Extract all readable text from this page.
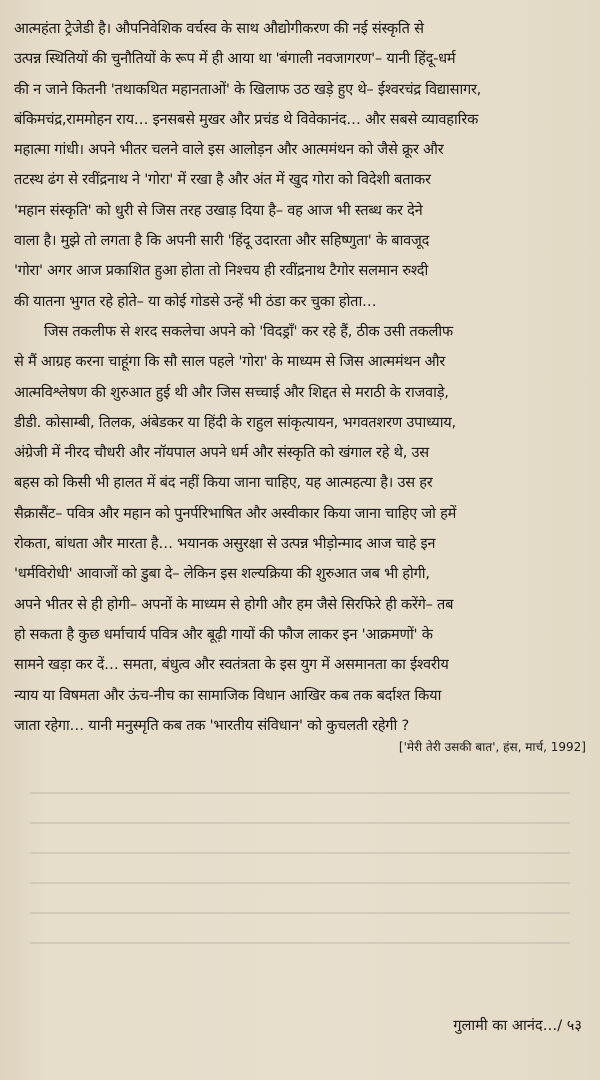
आत्महंता ट्रेजेडी है। औपनिवेशिक वर्चस्व के साथ औद्योगीकरण की नई संस्कृति से
उत्पन्न स्थितियों की चुनौतियों के रूप में ही आया था 'बंगाली नवजागरण'– यानी हिंदू-धर्म
की न जाने कितनी 'तथाकथित महानताओं' के खिलाफ उठ खड़े हुए थे– ईश्वरचंद्र विद्यासागर,
बंकिमचंद्र,राममोहन राय… इनसबसे मुखर और प्रचंड थे विवेकानंद… और सबसे व्यावहारिक
महात्मा गांधी। अपने भीतर चलने वाले इस आलोड़न और आत्ममंथन को जैसे क्रूर और
तटस्थ ढंग से रवींद्रनाथ ने 'गोरा' में रखा है और अंत में खुद गोरा को विदेशी बताकर
'महान संस्कृति' को धुरी से जिस तरह उखाड़ दिया है– वह आज भी स्तब्ध कर देने
वाला है। मुझे तो लगता है कि अपनी सारी 'हिंदू उदारता और सहिष्णुता' के बावजूद
'गोरा' अगर आज प्रकाशित हुआ होता तो निश्चय ही रवींद्रनाथ टैगोर सलमान रुश्दी
की यातना भुगत रहे होते– या कोई गोडसे उन्हें भी ठंडा कर चुका होता…
जिस तकलीफ से शरद सकलेचा अपने को 'विदड्रॉं' कर रहे हैं, ठीक उसी तकलीफ
से मैं आग्रह करना चाहूंगा कि सौ साल पहले 'गोरा' के माध्यम से जिस आत्ममंथन और
आत्मविश्लेषण की शुरुआत हुई थी और जिस सच्चाई और शिद्दत से मराठी के राजवाड़े,
डीडी. कोसाम्बी, तिलक, अंबेडकर या हिंदी के राहुल सांकृत्यायन, भगवतशरण उपाध्याय,
अंग्रेजी में नीरद चौधरी और नॉयपाल अपने धर्म और संस्कृति को खंगाल रहे थे, उस
बहस को किसी भी हालत में बंद नहीं किया जाना चाहिए, यह आत्महत्या है। उस हर
सैक्रासैंट– पवित्र और महान को पुनर्परिभाषित और अस्वीकार किया जाना चाहिए जो हमें
रोकता, बांधता और मारता है… भयानक असुरक्षा से उत्पन्न भीड़ोन्माद आज चाहे इन
'धर्मविरोधी' आवाजों को डुबा दे– लेकिन इस शल्यक्रिया की शुरुआत जब भी होगी,
अपने भीतर से ही होगी– अपनों के माध्यम से होगी और हम जैसे सिरफिरे ही करेंगे– तब
हो सकता है कुछ धर्माचार्य पवित्र और बूढ़ी गायों की फौज लाकर इन 'आक्रमणों' के
सामने खड़ा कर दें… समता, बंधुत्व और स्वतंत्रता के इस युग में असमानता का ईश्वरीय
न्याय या विषमता और ऊंच-नीच का सामाजिक विधान आखिर कब तक बर्दाश्त किया
जाता रहेगा… यानी मनुस्मृति कब तक 'भारतीय संविधान' को कुचलती रहेगी ?
['मेरी तेरी उसकी बात', हंस, मार्च, 1992]
गुलामी का आनंद…/ ५३
